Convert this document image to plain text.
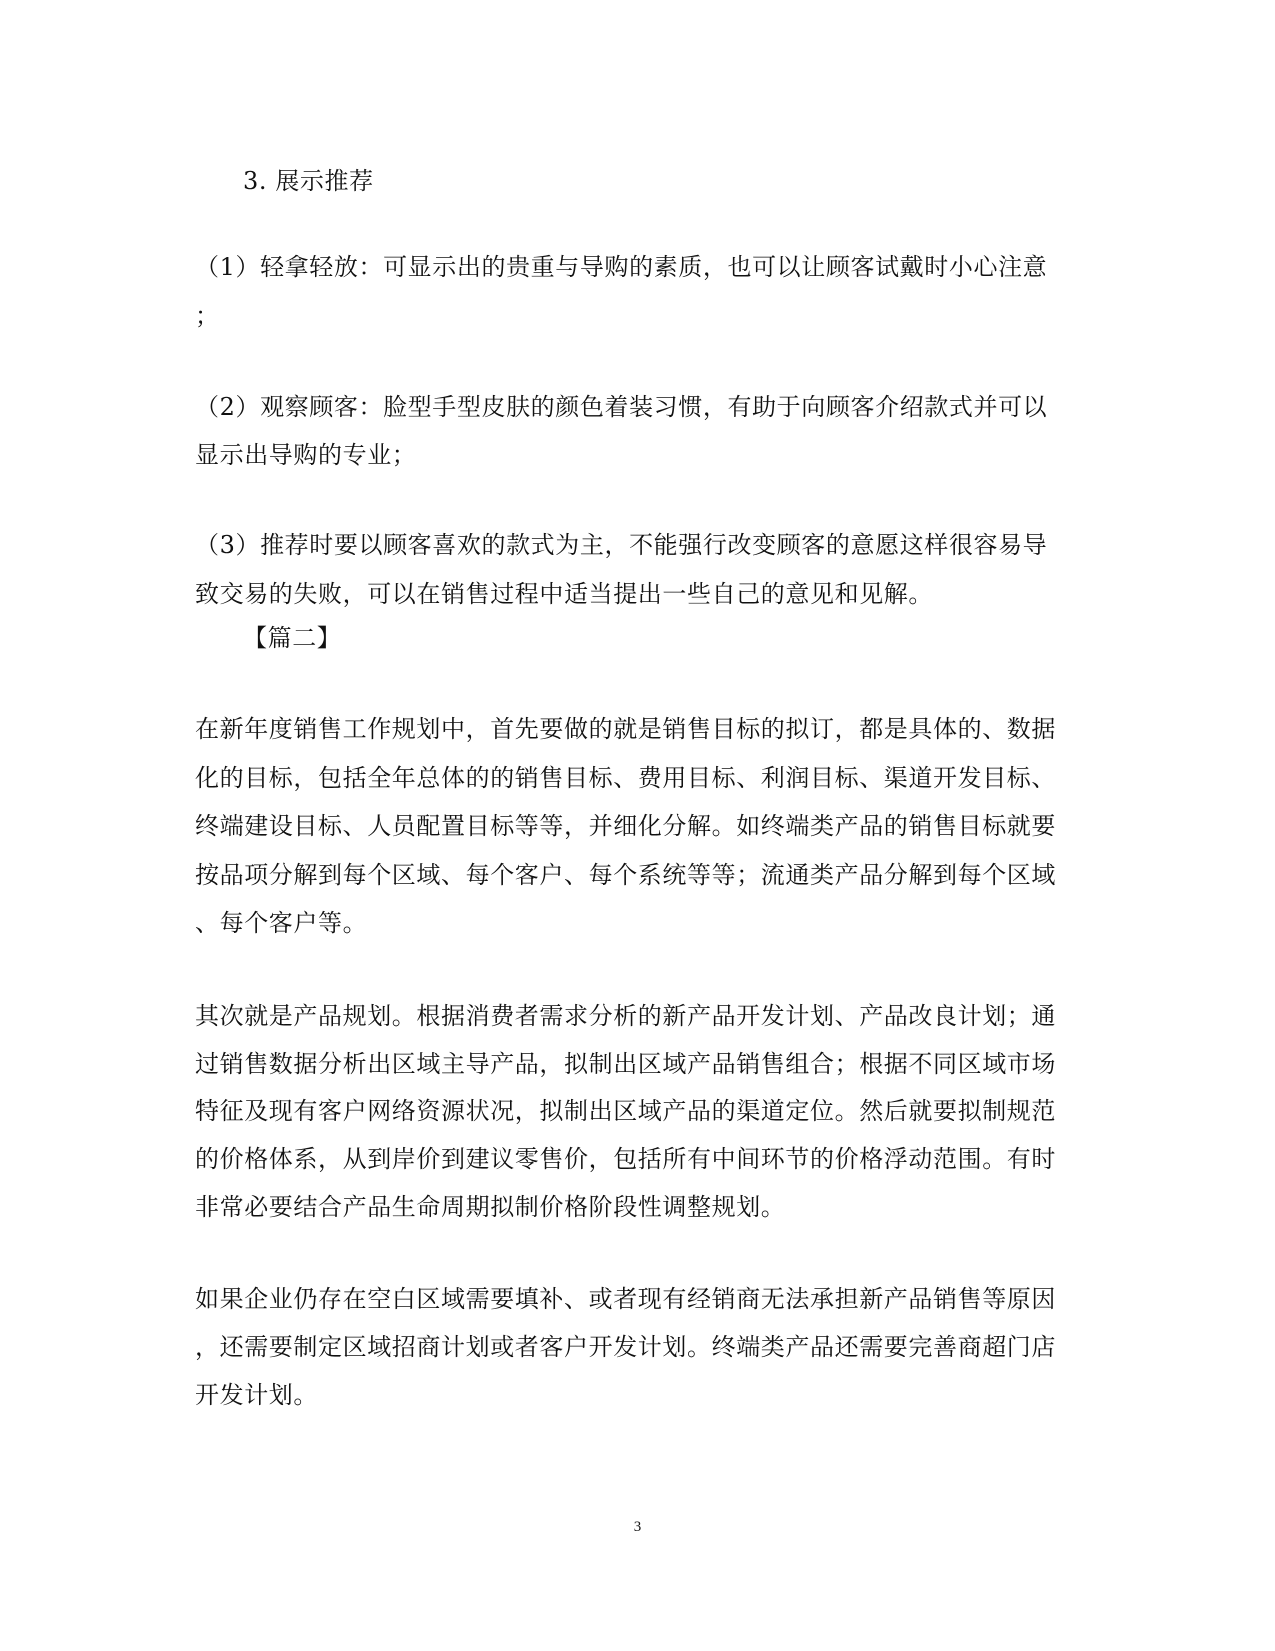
3. 展示推荐
（1）轻拿轻放：可显示出的贵重与导购的素质，也可以让顾客试戴时小心注意
；
（2）观察顾客：脸型手型皮肤的颜色着装习惯，有助于向顾客介绍款式并可以
显示出导购的专业；
（3）推荐时要以顾客喜欢的款式为主，不能强行改变顾客的意愿这样很容易导
致交易的失败，可以在销售过程中适当提出一些自己的意见和见解。
【篇二】
在新年度销售工作规划中，首先要做的就是销售目标的拟订，都是具体的、数据
化的目标，包括全年总体的的销售目标、费用目标、利润目标、渠道开发目标、
终端建设目标、人员配置目标等等，并细化分解。如终端类产品的销售目标就要
按品项分解到每个区域、每个客户、每个系统等等；流通类产品分解到每个区域
、每个客户等。
其次就是产品规划。根据消费者需求分析的新产品开发计划、产品改良计划；通
过销售数据分析出区域主导产品，拟制出区域产品销售组合；根据不同区域市场
特征及现有客户网络资源状况，拟制出区域产品的渠道定位。然后就要拟制规范
的价格体系，从到岸价到建议零售价，包括所有中间环节的价格浮动范围。有时
非常必要结合产品生命周期拟制价格阶段性调整规划。
如果企业仍存在空白区域需要填补、或者现有经销商无法承担新产品销售等原因
，还需要制定区域招商计划或者客户开发计划。终端类产品还需要完善商超门店
开发计划。
3
